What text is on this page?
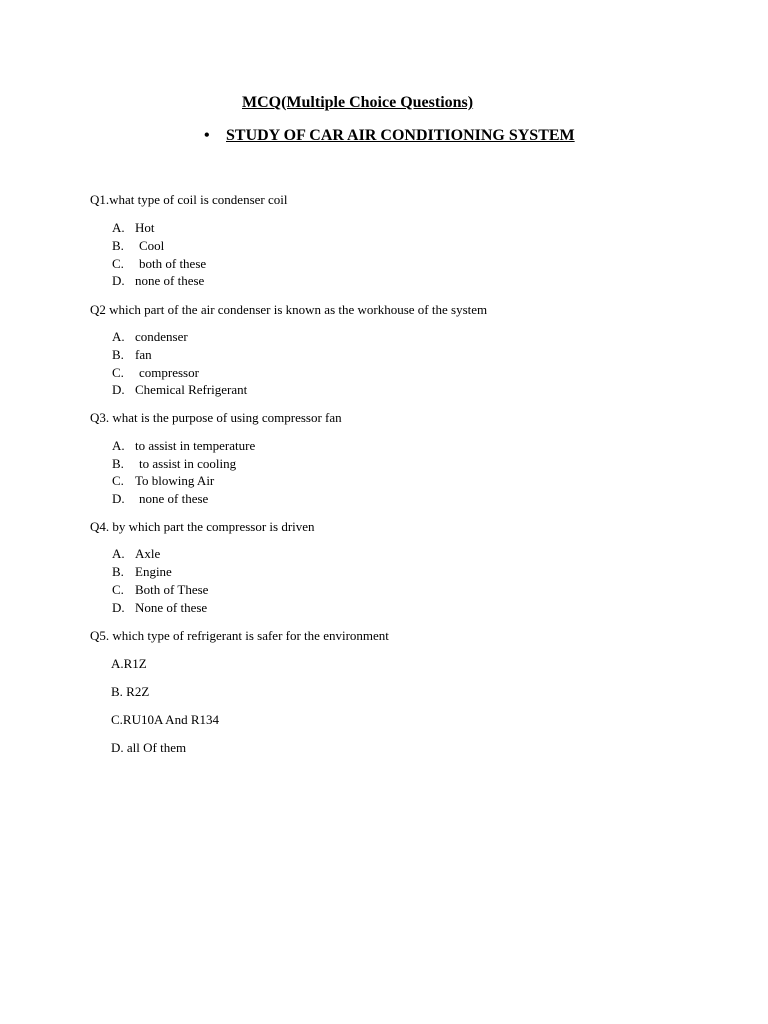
MCQ(Multiple Choice Questions)
• STUDY OF CAR AIR CONDITIONING SYSTEM
Q1.what type of coil is condenser coil
A. Hot
B. Cool
C. both of these
D. none of these
Q2 which part of the air condenser is known as the workhouse of the system
A. condenser
B. fan
C. compressor
D. Chemical Refrigerant
Q3. what is the purpose of using compressor fan
A. to assist in temperature
B. to assist in cooling
C. To blowing Air
D. none of these
Q4. by which part the compressor is driven
A. Axle
B. Engine
C. Both of These
D. None of these
Q5. which type of refrigerant is safer for the environment
A.R1Z
B. R2Z
C.RU10A And R134
D. all Of them
